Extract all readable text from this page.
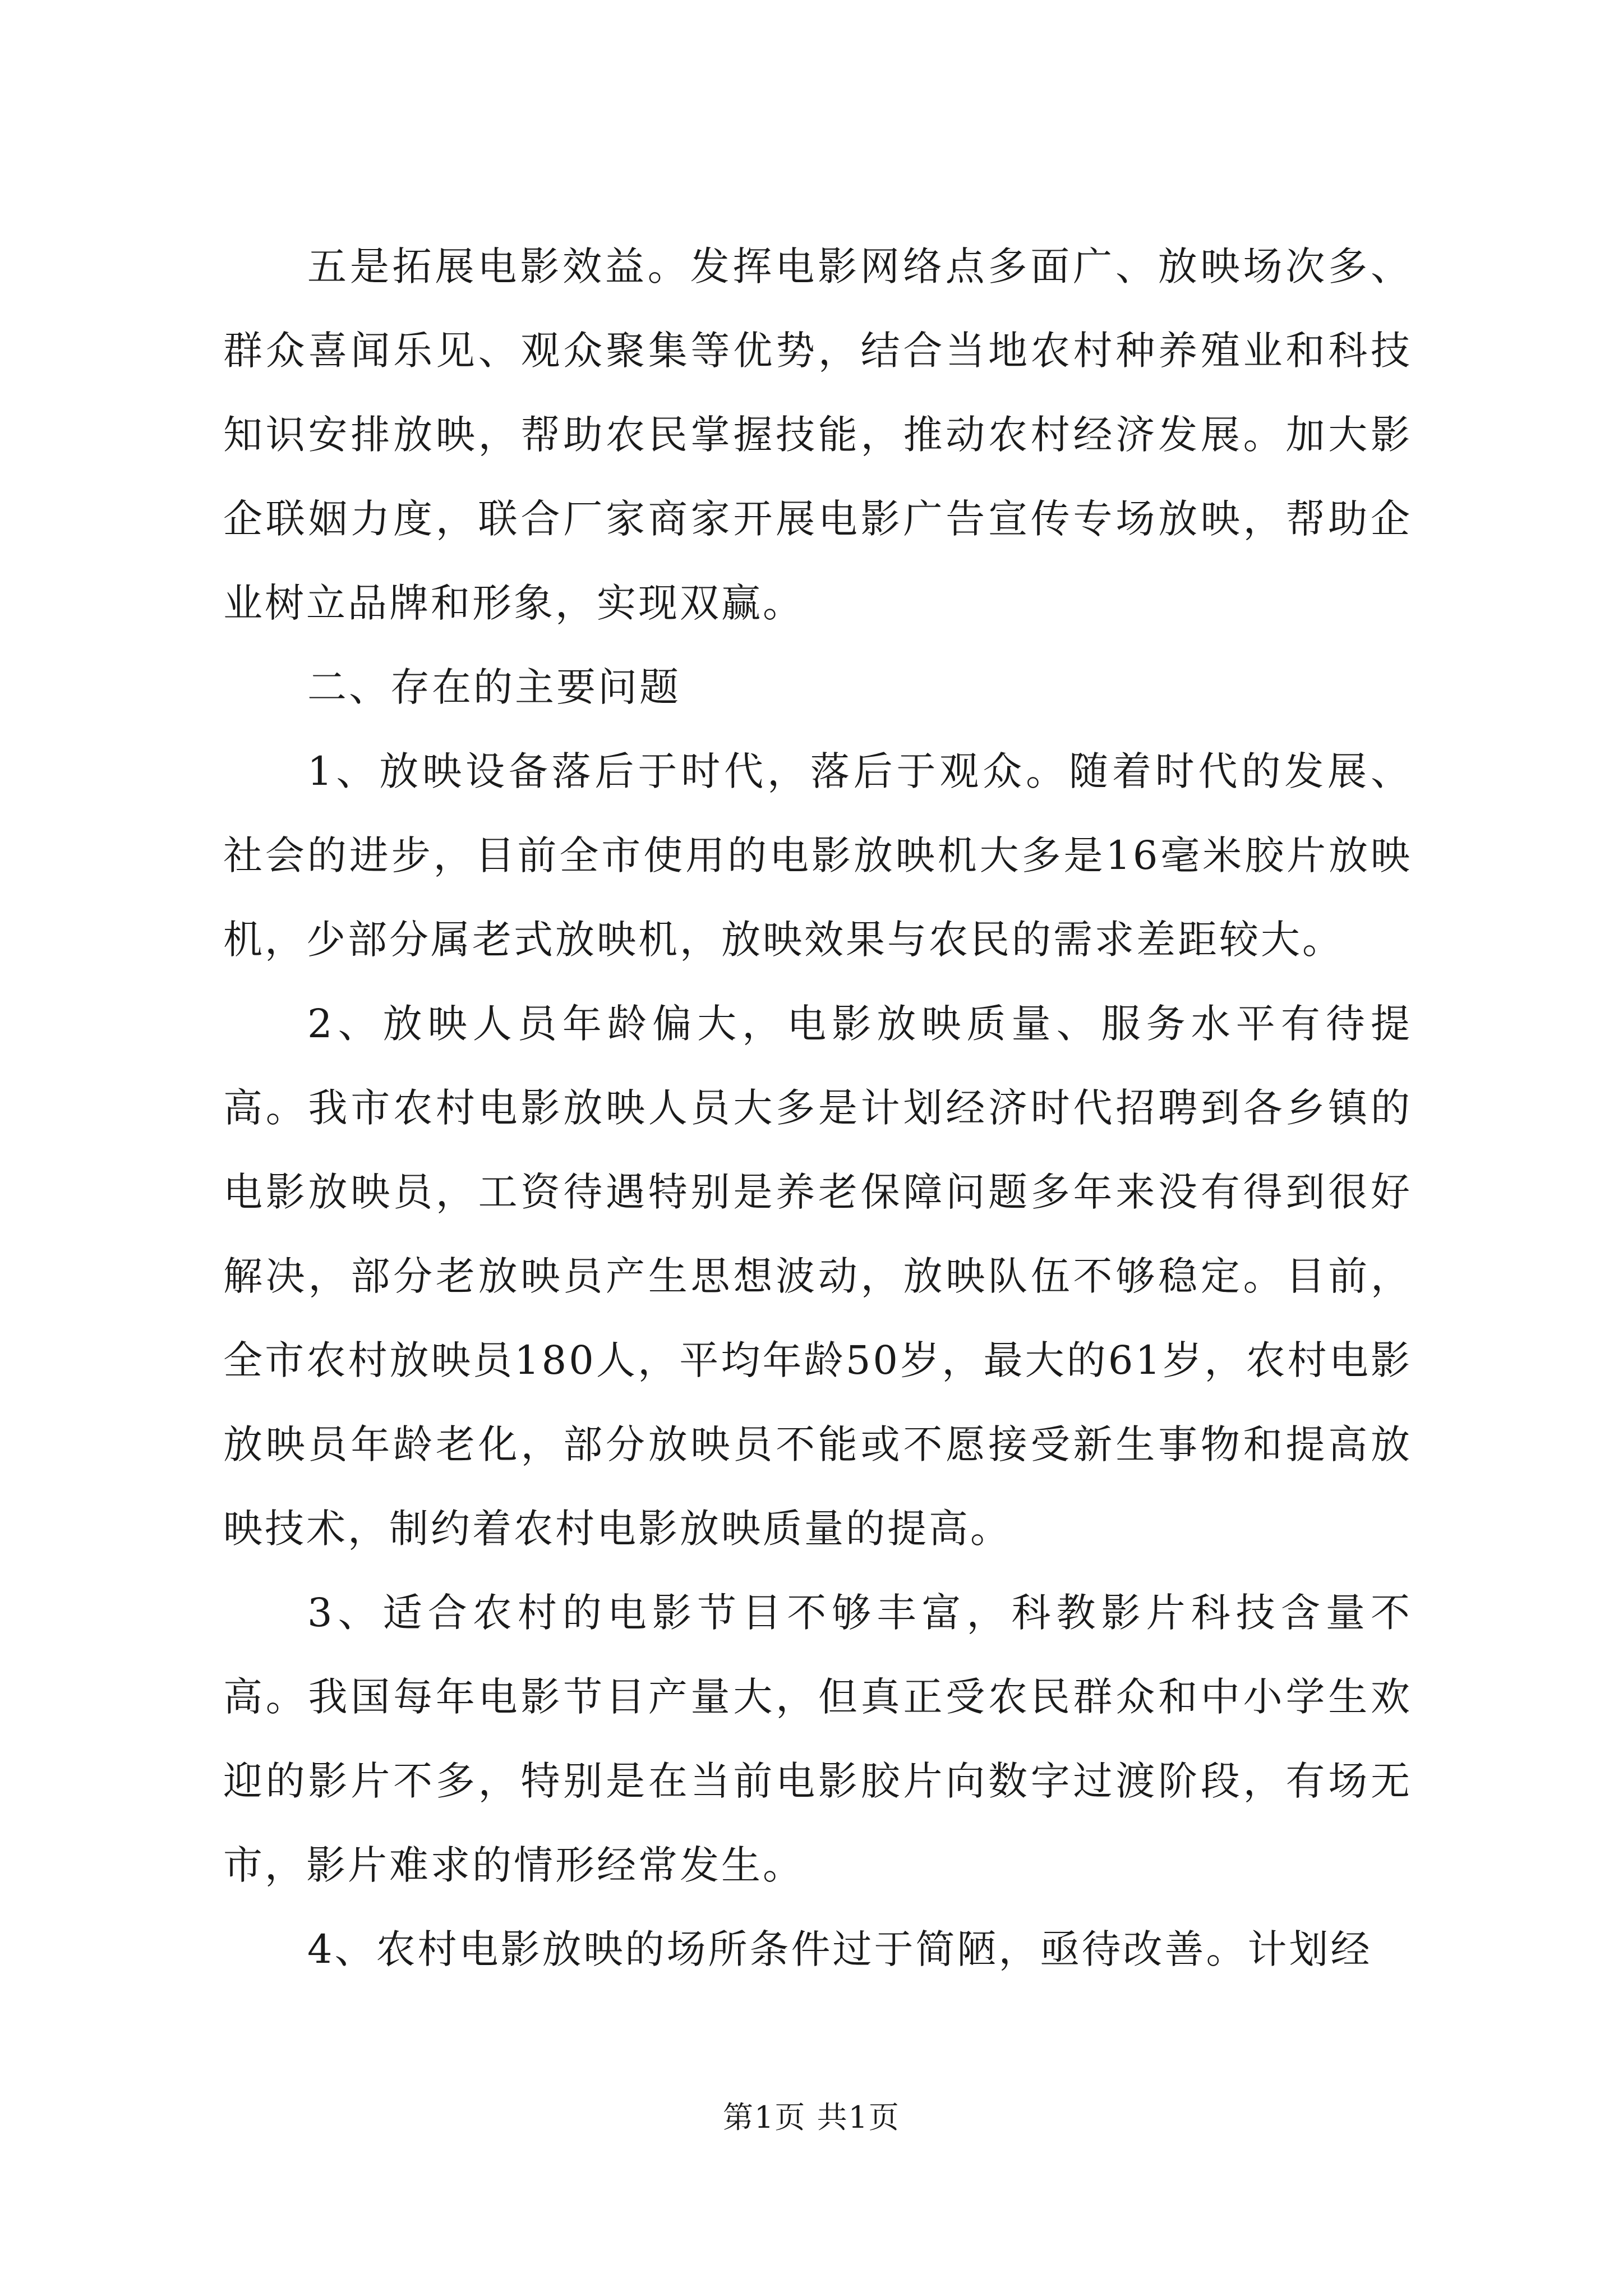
五是拓展电影效益。发挥电影网络点多面广、放映场次多、群众喜闻乐见、观众聚集等优势，结合当地农村种养殖业和科技知识安排放映，帮助农民掌握技能，推动农村经济发展。加大影企联姻力度，联合厂家商家开展电影广告宣传专场放映，帮助企业树立品牌和形象，实现双赢。

二、存在的主要问题

1、放映设备落后于时代，落后于观众。随着时代的发展、社会的进步，目前全市使用的电影放映机大多是16毫米胶片放映机，少部分属老式放映机，放映效果与农民的需求差距较大。

2、放映人员年龄偏大，电影放映质量、服务水平有待提高。我市农村电影放映人员大多是计划经济时代招聘到各乡镇的电影放映员，工资待遇特别是养老保障问题多年来没有得到很好解决，部分老放映员产生思想波动，放映队伍不够稳定。目前，全市农村放映员180人，平均年龄50岁，最大的61岁，农村电影放映员年龄老化，部分放映员不能或不愿接受新生事物和提高放映技术，制约着农村电影放映质量的提高。

3、适合农村的电影节目不够丰富，科教影片科技含量不高。我国每年电影节目产量大，但真正受农民群众和中小学生欢迎的影片不多，特别是在当前电影胶片向数字过渡阶段，有场无市，影片难求的情形经常发生。

4、农村电影放映的场所条件过于简陋，亟待改善。计划经

第1页 共1页
